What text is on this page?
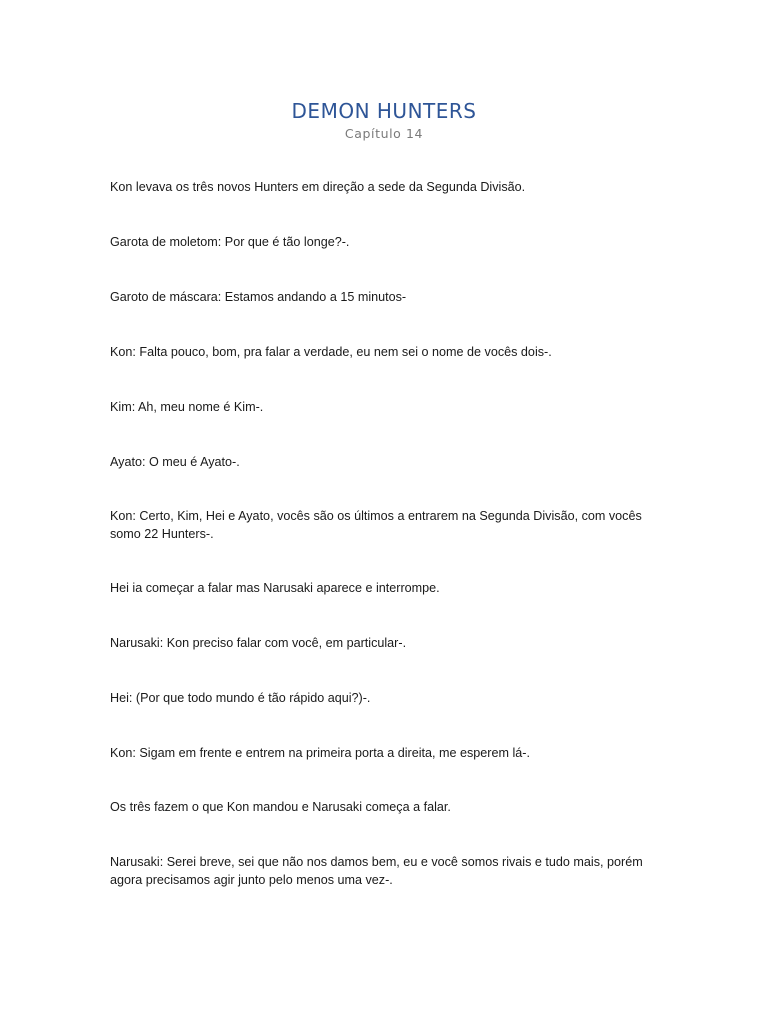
DEMON HUNTERS
Capítulo 14

Kon levava os três novos Hunters em direção a sede da Segunda Divisão.

Garota de moletom: Por que é tão longe?-.

Garoto de máscara: Estamos andando a 15 minutos-

Kon: Falta pouco, bom, pra falar a verdade, eu nem sei o nome de vocês dois-.

Kim: Ah, meu nome é Kim-.

Ayato: O meu é Ayato-.

Kon: Certo, Kim, Hei e Ayato, vocês são os últimos a entrarem na Segunda Divisão, com vocês somo 22 Hunters-.

Hei ia começar a falar mas Narusaki aparece e interrompe.

Narusaki: Kon preciso falar com você, em particular-.

Hei: (Por que todo mundo é tão rápido aqui?)-.

Kon: Sigam em frente e entrem na primeira porta a direita, me esperem lá-.

Os três fazem o que Kon mandou e Narusaki começa a falar.

Narusaki: Serei breve, sei que não nos damos bem, eu e você somos rivais e tudo mais, porém agora precisamos agir junto pelo menos uma vez-.
